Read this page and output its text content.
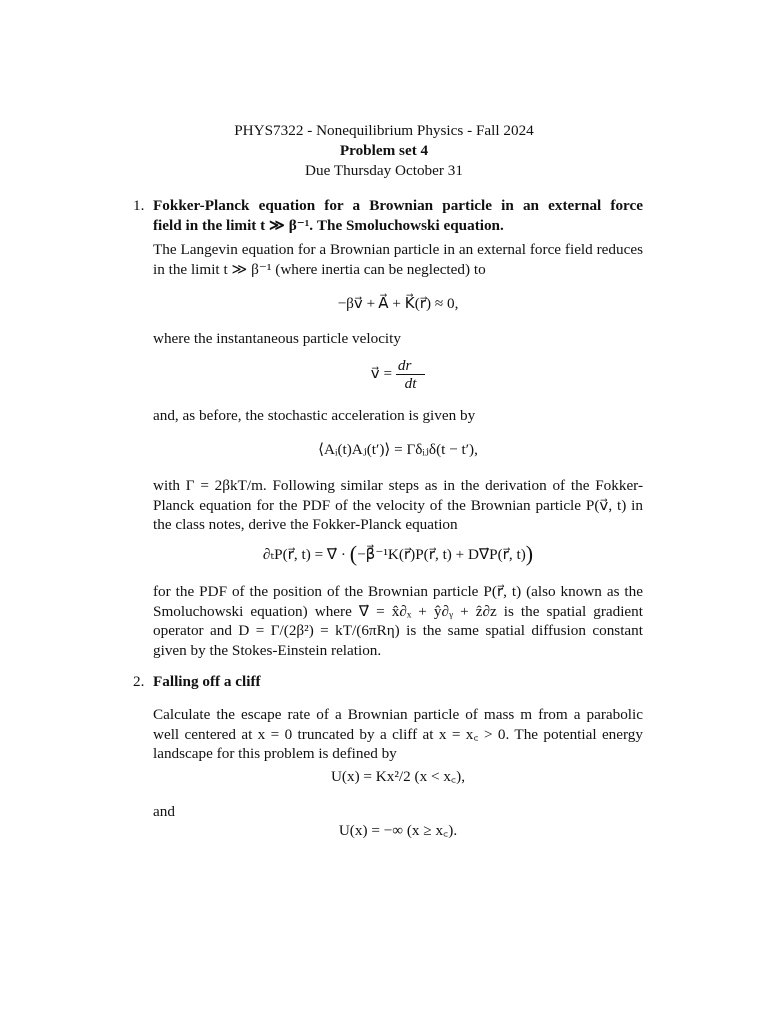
PHYS7322 - Nonequilibrium Physics - Fall 2024
Problem set 4
Due Thursday October 31
1. Fokker-Planck equation for a Brownian particle in an external force
field in the limit t ≫ β⁻¹. The Smoluchowski equation.
The Langevin equation for a Brownian particle in an external force field reduces in the limit t ≫ β⁻¹ (where inertia can be neglected) to
−βv⃗ + A⃗ + K⃗(r⃗) ≈ 0,
where the instantaneous particle velocity
v⃗ = $\frac{dr⃗}{dt}$
and, as before, the stochastic acceleration is given by
⟨Aᵢ(t)Aⱼ(t′)⟩ = Γδᵢⱼδ(t − t′),
with Γ = 2βkT/m. Following similar steps as in the derivation of the Fokker-Planck equation for the PDF of the velocity of the Brownian particle P(v⃗, t) in the class notes, derive the Fokker-Planck equation
∂ₜP(r⃗, t) = ∇⃗ · (−β⃗⁻¹K(r⃗)P(r⃗, t) + D∇⃗P(r⃗, t))
for the PDF of the position of the Brownian particle P(r⃗, t) (also known as the Smoluchowski equation) where ∇⃗ = x̂∂ₓ + ŷ∂ᵧ + ẑ∂z is the spatial gradient operator and D = Γ/(2β²) = kT/(6πRη) is the same spatial diffusion constant given by the Stokes-Einstein relation.
2. Falling off a cliff
Calculate the escape rate of a Brownian particle of mass m from a parabolic well centered at x = 0 truncated by a cliff at x = x꜀ > 0. The potential energy landscape for this problem is defined by
U(x) = Kx²/2 (x < x꜀),
and
U(x) = −∞ (x ≥ x꜀).
